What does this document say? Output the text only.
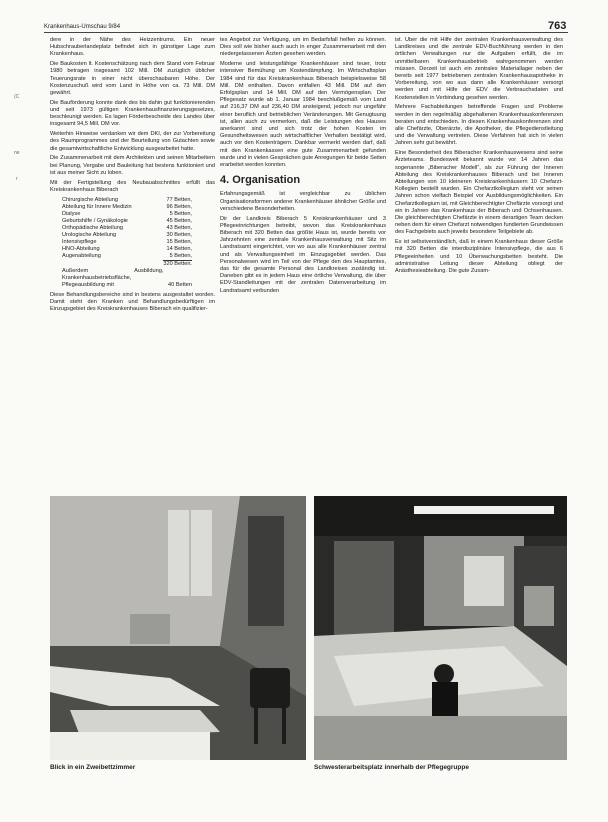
Krankenhaus-Umschau 9/84	763
(C
ne
r

dere in der Nähe des Heizzentrums. Ein neuer Hubschrauberlandeplatz befindet sich in günstiger Lage zum Krankenhaus.

Die Baukosten lt. Kostenschätzung nach dem Stand vom Februar 1980 betragen insgesamt 102 Mill. DM zuzüglich üblicher Teuerungsrate in einer nicht überschaubaren Höhe. Der Kostenzuschuß wird vom Land in Höhe von ca. 73 Mill. DM gewährt.

Die Bauförderung konnte dank des bis dahin gut funktionierenden und seit 1973 gültigen Krankenhausfinanzierungsgesetzes, beschleunigt werden. Es lagen Förderbescheide des Landes über insgesamt 94,5 Mill. DM vor.

Weiterhin Hinweise verdanken wir dem DKI, der zur Vorbereitung des Raumprogrammes und der Beurteilung von Gutachten sowie die gesamtwirtschaftliche Entwicklung ausgearbeitet hatte.

Die Zusammenarbeit mit dem Architekten und seinen Mitarbeitern bei Planung, Vergabe und Bauleitung hat bestens funktioniert und ist aus meiner Sicht zu loben.

Mit der Fertigstellung des Neubauabschnittes erfüllt das Kreiskrankenhaus Biberach

Chirurgische Abteilung	77 Betten,
Abteilung für Innere Medizin	96 Betten,
Dialyse	5 Betten,
Geburtshilfe / Gynäkologie	45 Betten,
Orthopädische Abteilung	43 Betten,
Urologische Abteilung	30 Betten,
Intensivpflege	15 Betten,
HNO-Abteilung	14 Betten,
Augenabteilung	5 Betten,
	320 Betten.
Außerdem Ausbildung, Krankenhausbetriebsfläche, Pflegeausbildung mit	40 Betten

Diese Behandlungsbereiche sind in bestens ausgestaltet worden. Damit steht den Kranken und Behandlungsbedürftigen im Einzugsgebiet des Kreiskrankenhauses Biberach ein qualifizier-

tes Angebot zur Verfügung, um im Bedarfsfall helfen zu können. Dies soll wie bisher auch auch in enger Zusammenarbeit mit den niedergelassenen Ärzten gesehen werden.

Moderne und leistungsfähige Krankenhäuser sind teuer, trotz intensiver Bemühung um Kostendämpfung. Im Wirtschaftsplan 1984 sind für das Kreiskrankenhaus Biberach beispielsweise 58 Mill. DM enthalten. Davon entfallen 43 Mill. DM auf den Erfolgsplan und 14 Mill. DM auf den Vermögensplan. Der Pflegesatz wurde ab 1. Januar 1984 beschlußgemäß vom Land auf 216,37 DM auf 236,40 DM ansteigend, jedoch nur ungefähr einer beruflich und betrieblichen Veränderungen. Mit Genugtuung ist, allen auch zu vermerken, daß die Leistungen des Hauses anerkannt sind und sich trotz der hohen Kosten im Gesundheitswesen auch wirtschaftlicher Verhalten bestätigt wird, auch vor den Kostenträgern. Dankbar vermerkt werden darf, daß mit den Krankenkassen eine gute Zusammenarbeit gefunden wurde und in vielen Gesprächen gute Anregungen für beide Seiten erarbeitet werden konnten.

4. Organisation

Erfahrungsgemäß ist vergleichbar zu üblichen Organisationsformen anderer Krankenhäuser ähnlicher Größe und verschiedene Besonderheiten.

Dir der Landkreis Biberach 5 Kreiskrankenhäuser und 3 Pflegeeinrichtungen betreibt, wovon das Kreiskrankenhaus Biberach mit 320 Betten das größte Haus ist, wurde bereits vor Jahrzehnten eine zentrale Krankenhausverwaltung mit Sitz im Landratsamt eingerichtet, von wo aus alle Krankenhäuser zentral und als Verwaltungseinheit im Einzugsgebiet werden. Das Personalwesen wird im Teil von der Pflege den des Hauptamtes, das für die gesamte Personal des Landkreises zuständig ist. Daneben gibt es in jedem Haus eine örtliche Verwaltung, die über EDV-Standleitungen mit der zentralen Datenverarbeitung im Landratsamt verbunden

ist. Über die mit Hilfe der zentralen Krankenhausverwaltung des Landkreises und die zentrale EDV-Buchführung werden in den örtlichen Verwaltungen nur die Aufgaben erfüllt, die im unmittelbaren Krankenhausbetrieb wahrgenommen werden müssen. Derzeit ist auch ein zentrales Materiallager neben der bereits seit 1977 betriebenen zentralen Krankenhausapotheke in Vorbereitung, von wo aus dann alle Krankenhäuser versorgt werden und mit Hilfe der EDV die Verbrauchsdaten und Kostenstellen in Verbindung gesehen werden.

Mehrere Fachabteilungen betreffende Fragen und Probleme werden in den regelmäßig abgehaltenen Krankenhauskonferenzen beraten und entschieden. In diesen Krankenhauskonferenzen sind alle Chefärzte, Oberärzte, die Apotheker, die Pflegedienstleitung und die Verwaltung vertreten. Diese Verfahren hat sich in vielen Jahren sehr gut bewährt.

Eine Besonderheit des Biberacher Krankenhauswesens sind seine Ärzteteams. Bundesweit bekannt wurde vor 14 Jahren das sogenannte „Biberacher Modell“, als zur Führung der Inneren Abteilung des Kreiskrankenhauses Biberach und bei Inneren Abteilungen von 10 kleineren Kreiskrankenhäusern 10 Chefarzt-Kollegien bestellt wurden. Ein Chefarztkollegium steht vor seinen Jahren schon vielfach Beispiel vor Ausbildungsmöglichkeiten. Ein Chefarztkollegium ist, mit Gleichberechtigter Chefärzte vorsorgt und ein in Jahren das Krankenhaus der Biberach und Ochsenhausen. Die gleichberechtigten Chefärzte in einem derartigen Team decken neben dem für einen Chefarzt notwendigen fundierten Grundwissen des Fachgebiets auch jeweils besondere Teilgebiete ab.

Es ist selbstverständlich, daß in einem Krankenhaus dieser Größe mit 320 Betten die interdisziplinäre Intensivpflege, die aus 6 Pflegeeinheiten und 10 Überwachungsbetten besteht. Die administrative Leitung dieser Abteilung obliegt der Anästhesieabteilung. Die gute Zusam-

Blick in ein Zweibettzimmer	Schwesterarbeitsplatz innerhalb der Pflegegruppe
